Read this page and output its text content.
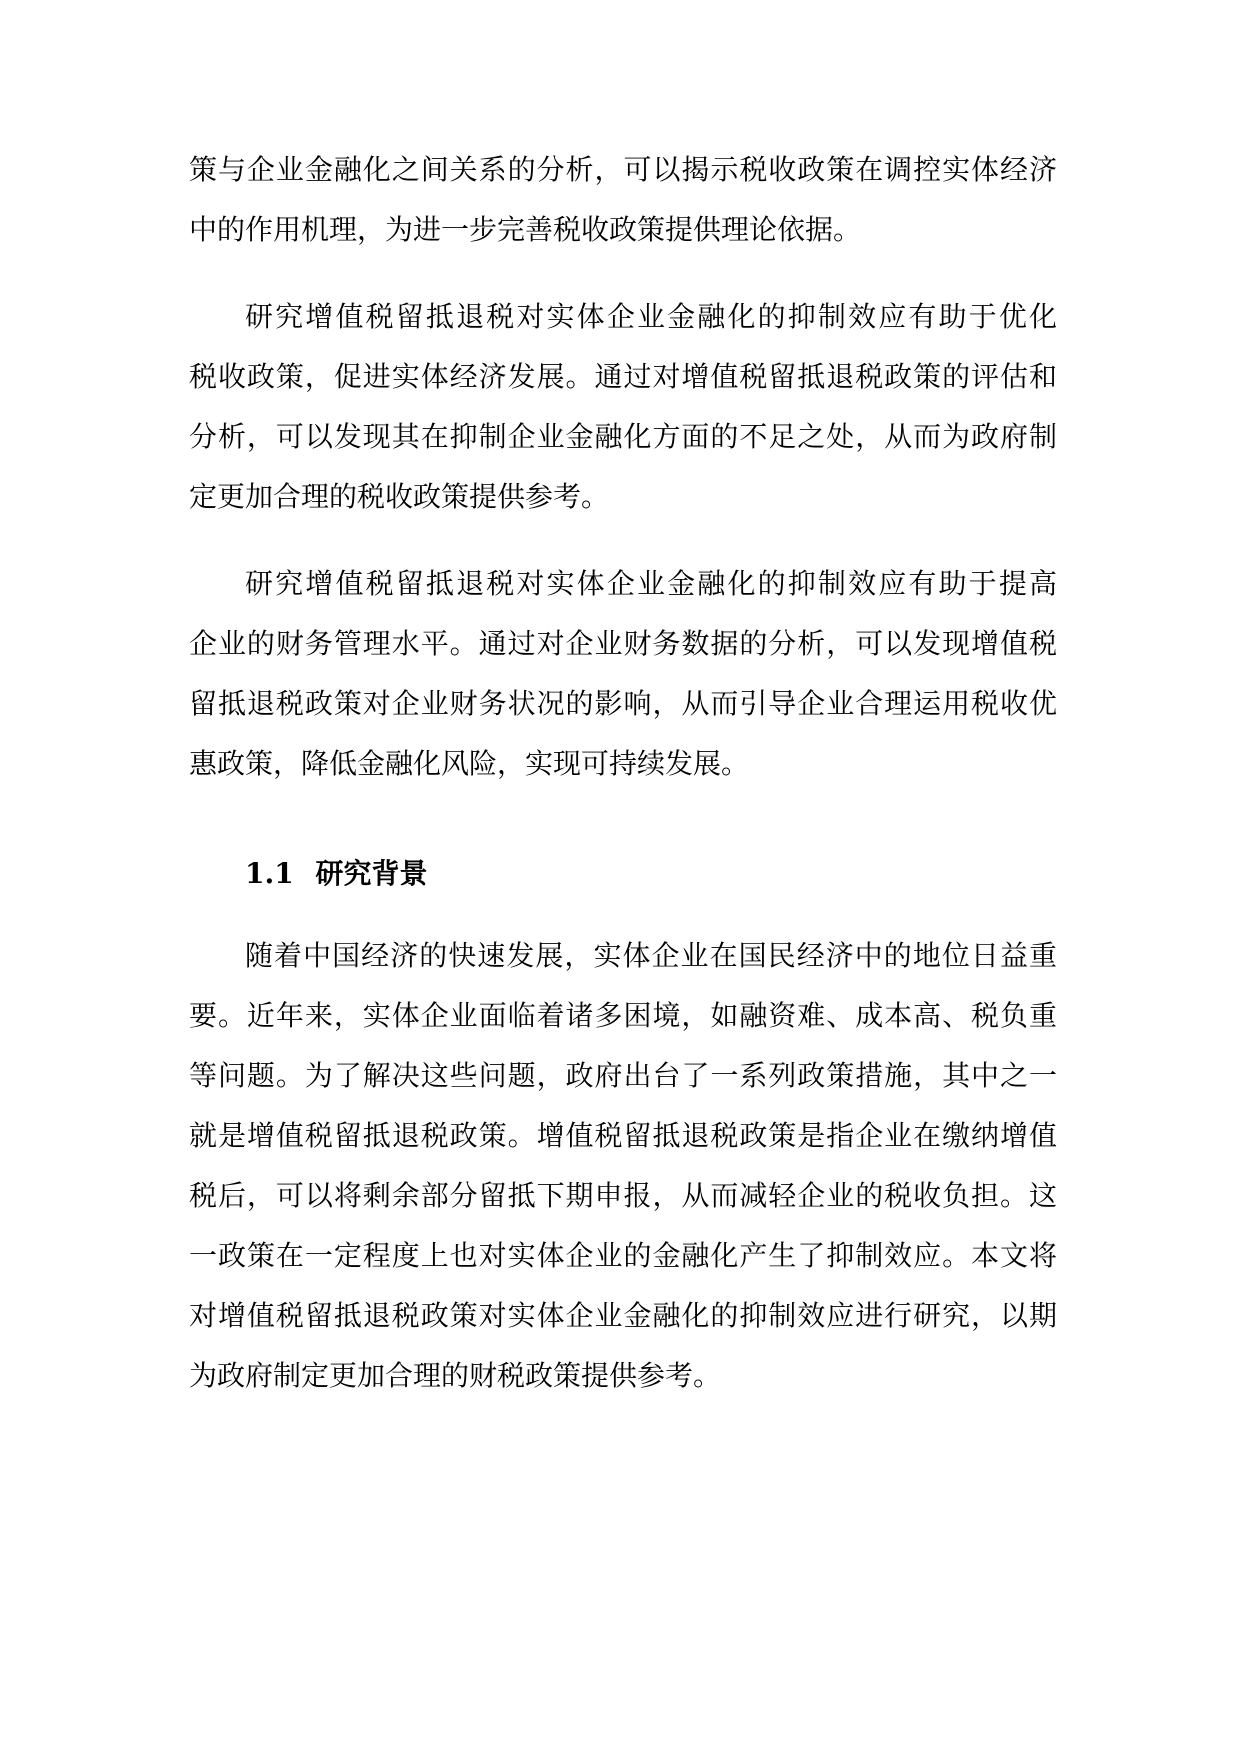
策与企业金融化之间关系的分析，可以揭示税收政策在调控实体经济

中的作用机理，为进一步完善税收政策提供理论依据。

研究增值税留抵退税对实体企业金融化的抑制效应有助于优化

税收政策，促进实体经济发展。通过对增值税留抵退税政策的评估和

分析，可以发现其在抑制企业金融化方面的不足之处，从而为政府制

定更加合理的税收政策提供参考。

研究增值税留抵退税对实体企业金融化的抑制效应有助于提高

企业的财务管理水平。通过对企业财务数据的分析，可以发现增值税

留抵退税政策对企业财务状况的影响，从而引导企业合理运用税收优

惠政策，降低金融化风险，实现可持续发展。

1.1 研究背景

随着中国经济的快速发展，实体企业在国民经济中的地位日益重

要。近年来，实体企业面临着诸多困境，如融资难、成本高、税负重

等问题。为了解决这些问题，政府出台了一系列政策措施，其中之一

就是增值税留抵退税政策。增值税留抵退税政策是指企业在缴纳增值

税后，可以将剩余部分留抵下期申报，从而减轻企业的税收负担。这

一政策在一定程度上也对实体企业的金融化产生了抑制效应。本文将

对增值税留抵退税政策对实体企业金融化的抑制效应进行研究，以期

为政府制定更加合理的财税政策提供参考。
